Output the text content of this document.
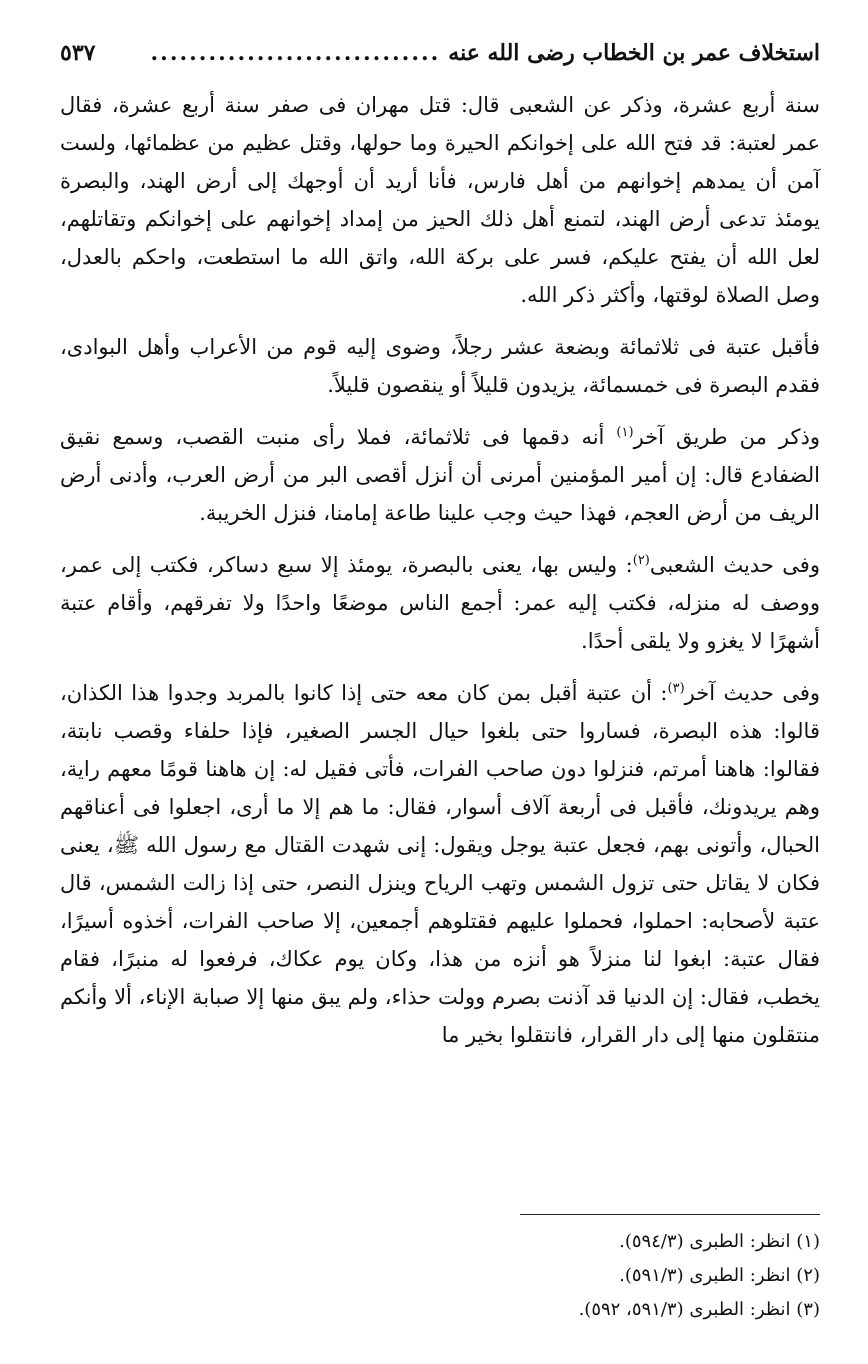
استخلاف عمر بن الخطاب رضى الله عنه
..............................
٥٣٧

سنة أربع عشرة، وذكر عن الشعبى قال: قتل مهران فى صفر سنة أربع عشرة، فقال عمر لعتبة: قد فتح الله على إخوانكم الحيرة وما حولها، وقتل عظيم من عظمائها، ولست آمن أن يمدهم إخوانهم من أهل فارس، فأنا أريد أن أوجهك إلى أرض الهند، والبصرة يومئذ تدعى أرض الهند، لتمنع أهل ذلك الحيز من إمداد إخوانهم على إخوانكم وتقاتلهم، لعل الله أن يفتح عليكم، فسر على بركة الله، واتق الله ما استطعت، واحكم بالعدل، وصل الصلاة لوقتها، وأكثر ذكر الله.

فأقبل عتبة فى ثلاثمائة وبضعة عشر رجلاً، وضوى إليه قوم من الأعراب وأهل البوادى، فقدم البصرة فى خمسمائة، يزيدون قليلاً أو ينقصون قليلاً.

وذكر من طريق آخر$^{(١)}$ أنه دقمها فى ثلاثمائة، فملا رأى منبت القصب، وسمع نقيق الضفادع قال: إن أمير المؤمنين أمرنى أن أنزل أقصى البر من أرض العرب، وأدنى أرض الريف من أرض العجم، فهذا حيث وجب علينا طاعة إمامنا، فنزل الخريبة.

وفى حديث الشعبى$^{(٢)}$: وليس بها، يعنى بالبصرة، يومئذ إلا سبع دساكر، فكتب إلى عمر، ووصف له منزله، فكتب إليه عمر: أجمع الناس موضعًا واحدًا ولا تفرقهم، وأقام عتبة أشهرًا لا يغزو ولا يلقى أحدًا.

وفى حديث آخر$^{(٣)}$: أن عتبة أقبل بمن كان معه حتى إذا كانوا بالمربد وجدوا هذا الكذان، قالوا: هذه البصرة، فساروا حتى بلغوا حيال الجسر الصغير، فإذا حلفاء وقصب نابتة، فقالوا: هاهنا أمرتم، فنزلوا دون صاحب الفرات، فأتى فقيل له: إن هاهنا قومًا معهم راية، وهم يريدونك، فأقبل فى أربعة آلاف أسوار، فقال: ما هم إلا ما أرى، اجعلوا فى أعناقهم الحبال، وأتونى بهم، فجعل عتبة يوجل ويقول: إنى شهدت القتال مع رسول الله ﷺ، يعنى فكان لا يقاتل حتى تزول الشمس وتهب الرياح وينزل النصر، حتى إذا زالت الشمس، قال عتبة لأصحابه: احملوا، فحملوا عليهم فقتلوهم أجمعين، إلا صاحب الفرات، أخذوه أسيرًا، فقال عتبة: ابغوا لنا منزلاً هو أنزه من هذا، وكان يوم عكاك، فرفعوا له منبرًا، فقام يخطب، فقال: إن الدنيا قد آذنت بصرم وولت حذاء، ولم يبق منها إلا صبابة الإناء، ألا وأنكم منتقلون منها إلى دار القرار، فانتقلوا بخير ما

(١) انظر: الطبرى (٥٩٤/٣).
(٢) انظر: الطبرى (٥٩١/٣).
(٣) انظر: الطبرى (٥٩١/٣، ٥٩٢).
